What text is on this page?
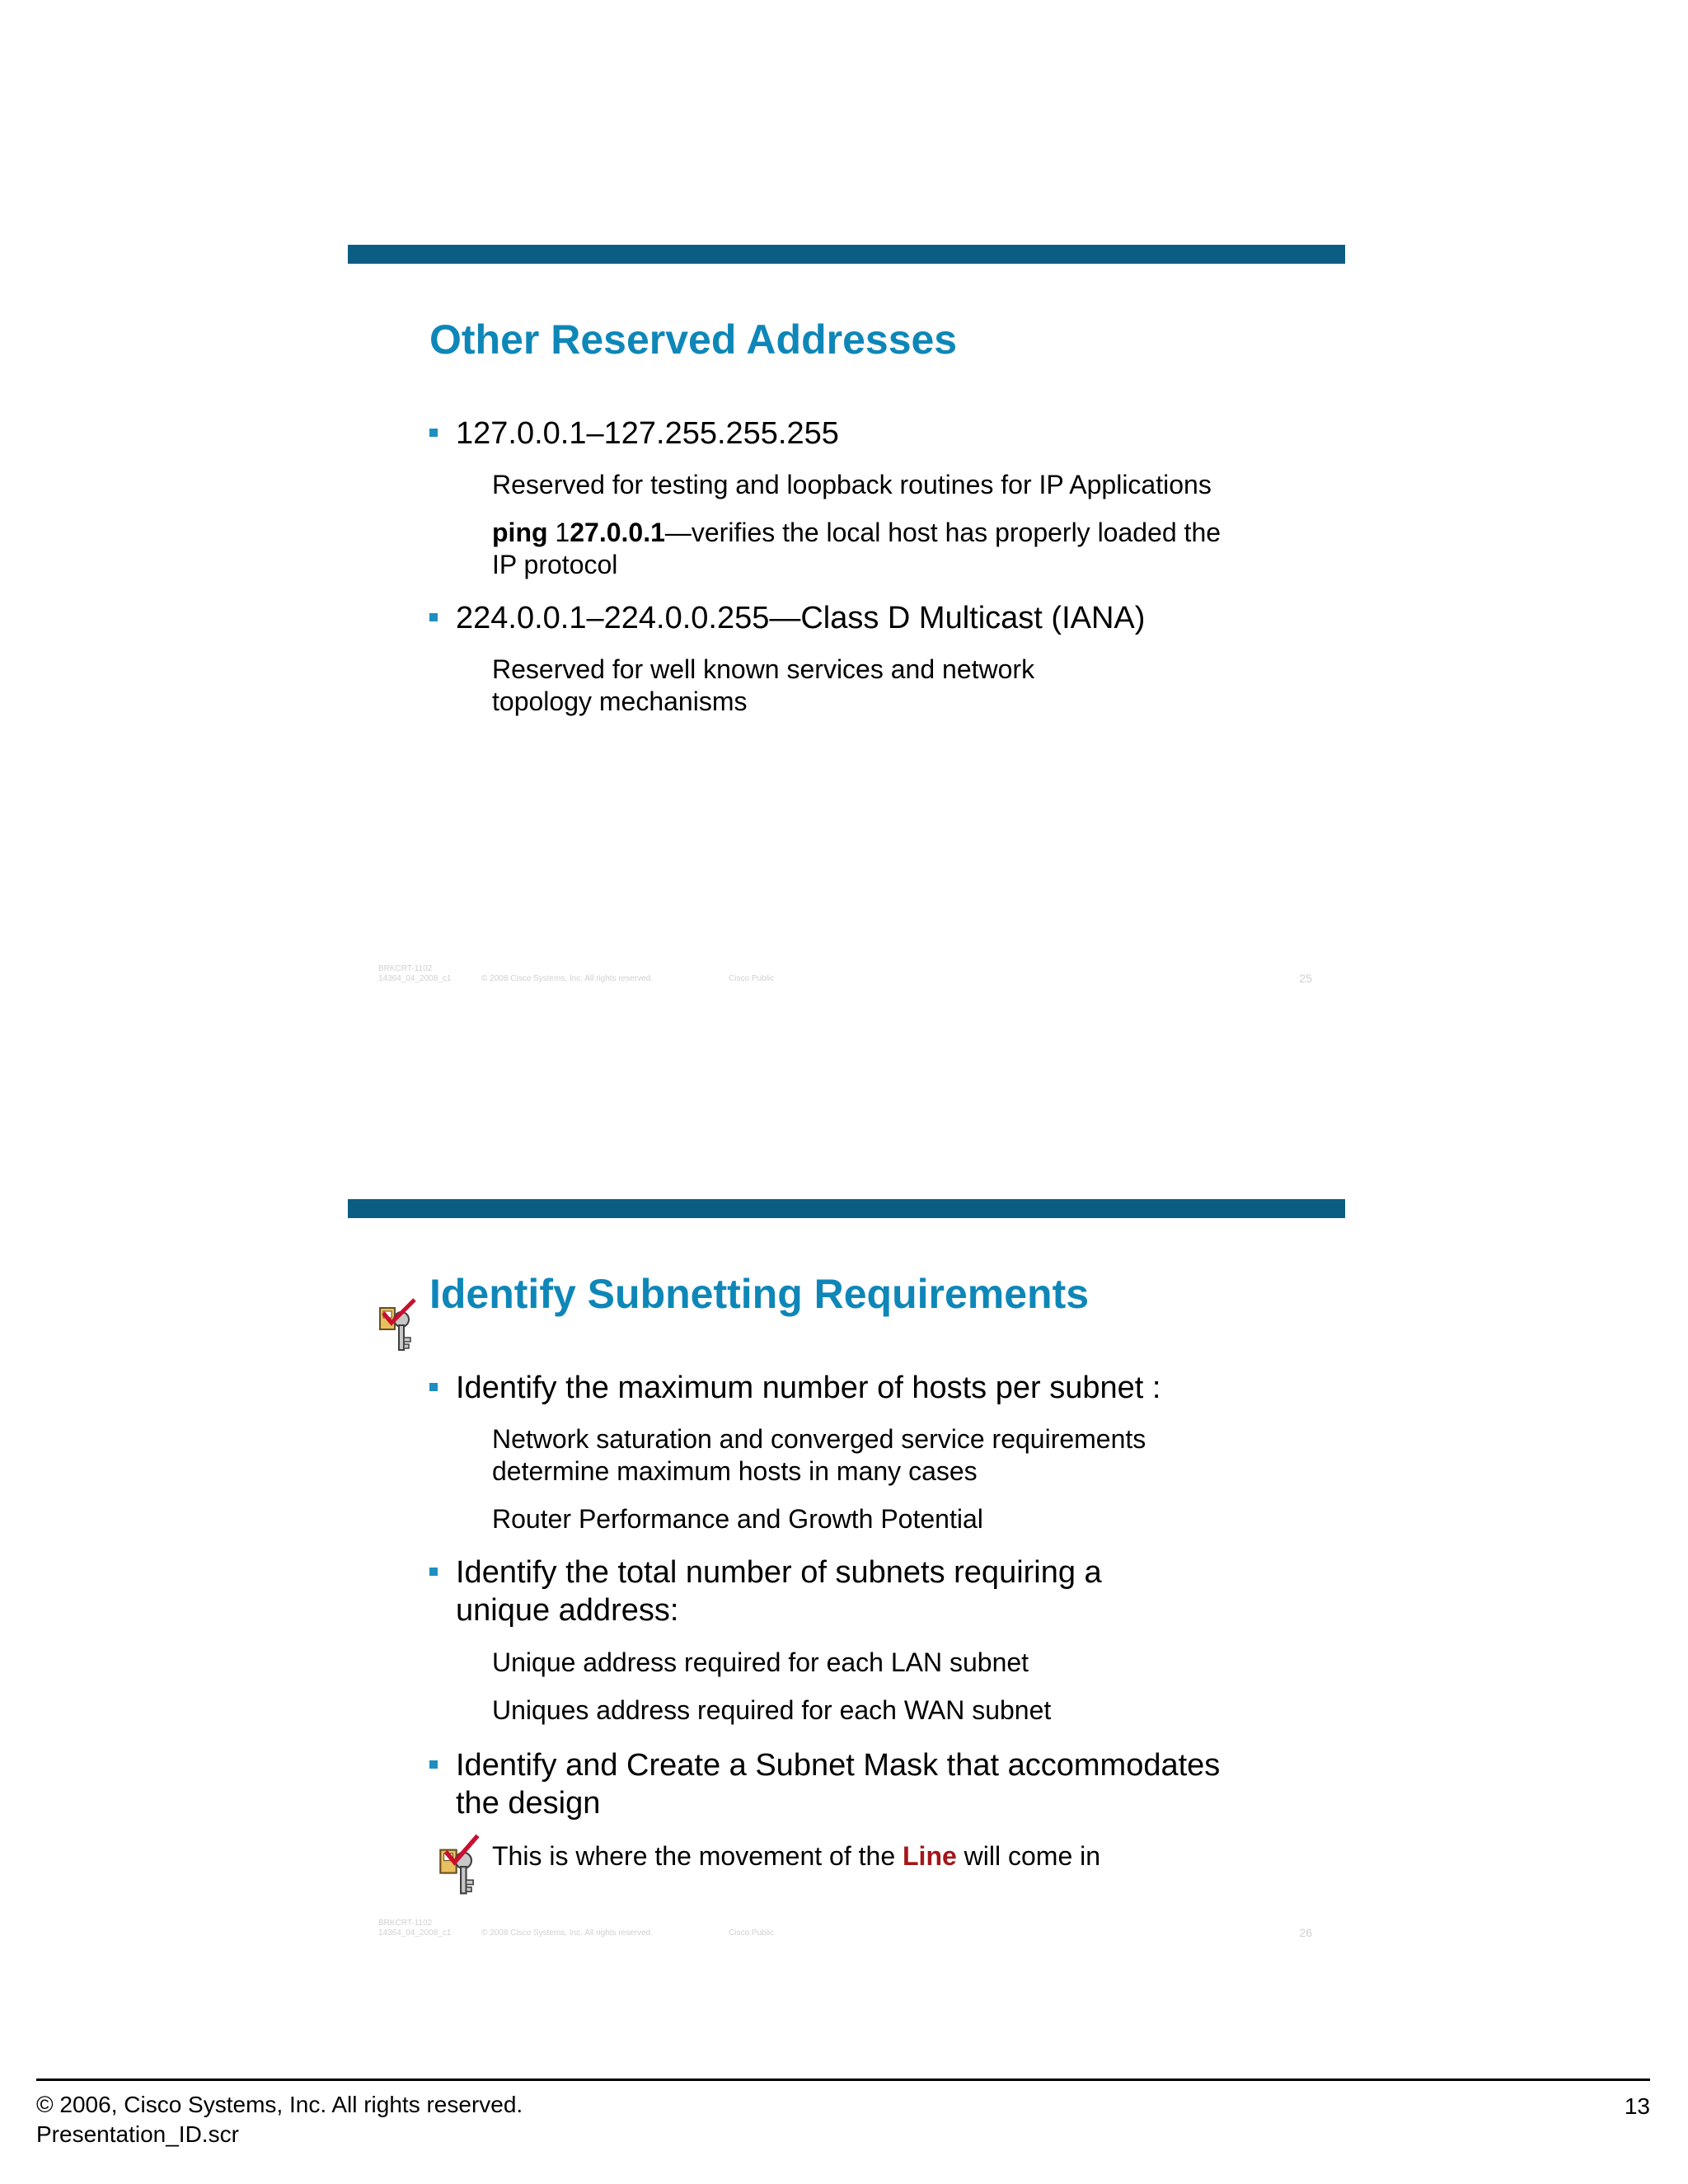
Other Reserved Addresses
127.0.0.1–127.255.255.255
Reserved for testing and loopback routines for IP Applications
ping 127.0.0.1—verifies the local host has properly loaded the
IP protocol
224.0.0.1–224.0.0.255—Class D Multicast (IANA)
Reserved for well known services and network
topology mechanisms
BRKCRT-1102
14364_04_2008_c1	© 2008 Cisco Systems, Inc. All rights reserved.	Cisco Public	25
Identify Subnetting Requirements
Identify the maximum number of hosts per subnet :
Network saturation and converged service requirements
determine maximum hosts in many cases
Router Performance and Growth Potential
Identify the total number of subnets requiring a
unique address:
Unique address required for each LAN subnet
Uniques address required for each WAN subnet
Identify and Create a Subnet Mask that accommodates
the design
This is where the movement of the Line will come in
BRKCRT-1102
14364_04_2008_c1	© 2008 Cisco Systems, Inc. All rights reserved.	Cisco Public	26
© 2006, Cisco Systems, Inc. All rights reserved.
Presentation_ID.scr
13
